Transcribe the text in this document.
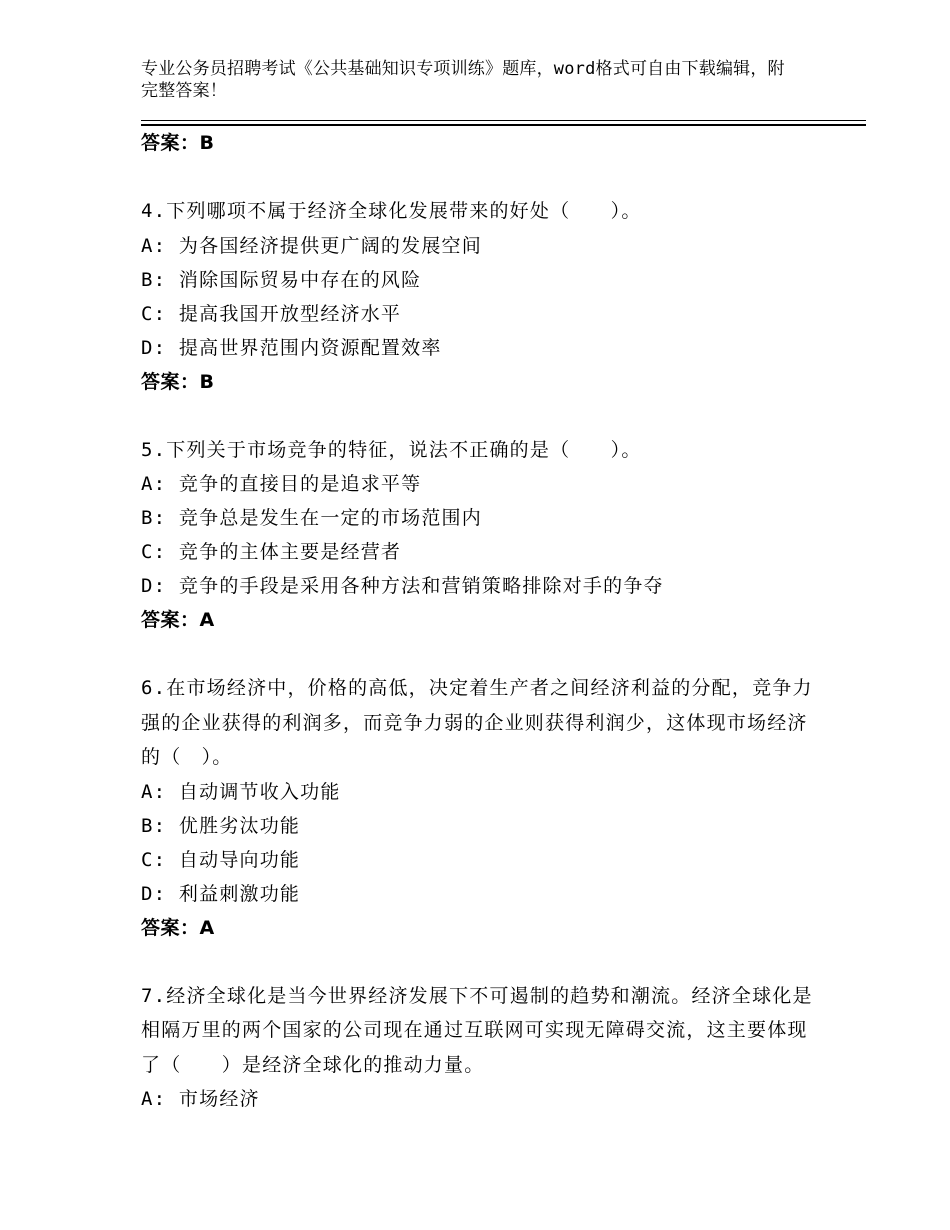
专业公务员招聘考试《公共基础知识专项训练》题库，word格式可自由下载编辑，附完整答案！
答案：B
4.下列哪项不属于经济全球化发展带来的好处（　　）。
A: 为各国经济提供更广阔的发展空间
B: 消除国际贸易中存在的风险
C: 提高我国开放型经济水平
D: 提高世界范围内资源配置效率
答案：B
5.下列关于市场竞争的特征，说法不正确的是（　　）。
A: 竞争的直接目的是追求平等
B: 竞争总是发生在一定的市场范围内
C: 竞争的主体主要是经营者
D: 竞争的手段是采用各种方法和营销策略排除对手的争夺
答案：A
6.在市场经济中，价格的高低，决定着生产者之间经济利益的分配，竞争力强的企业获得的利润多，而竞争力弱的企业则获得利润少，这体现市场经济的（　）。
A: 自动调节收入功能
B: 优胜劣汰功能
C: 自动导向功能
D: 利益刺激功能
答案：A
7.经济全球化是当今世界经济发展下不可遏制的趋势和潮流。经济全球化是相隔万里的两个国家的公司现在通过互联网可实现无障碍交流，这主要体现了（　　）是经济全球化的推动力量。
A: 市场经济
